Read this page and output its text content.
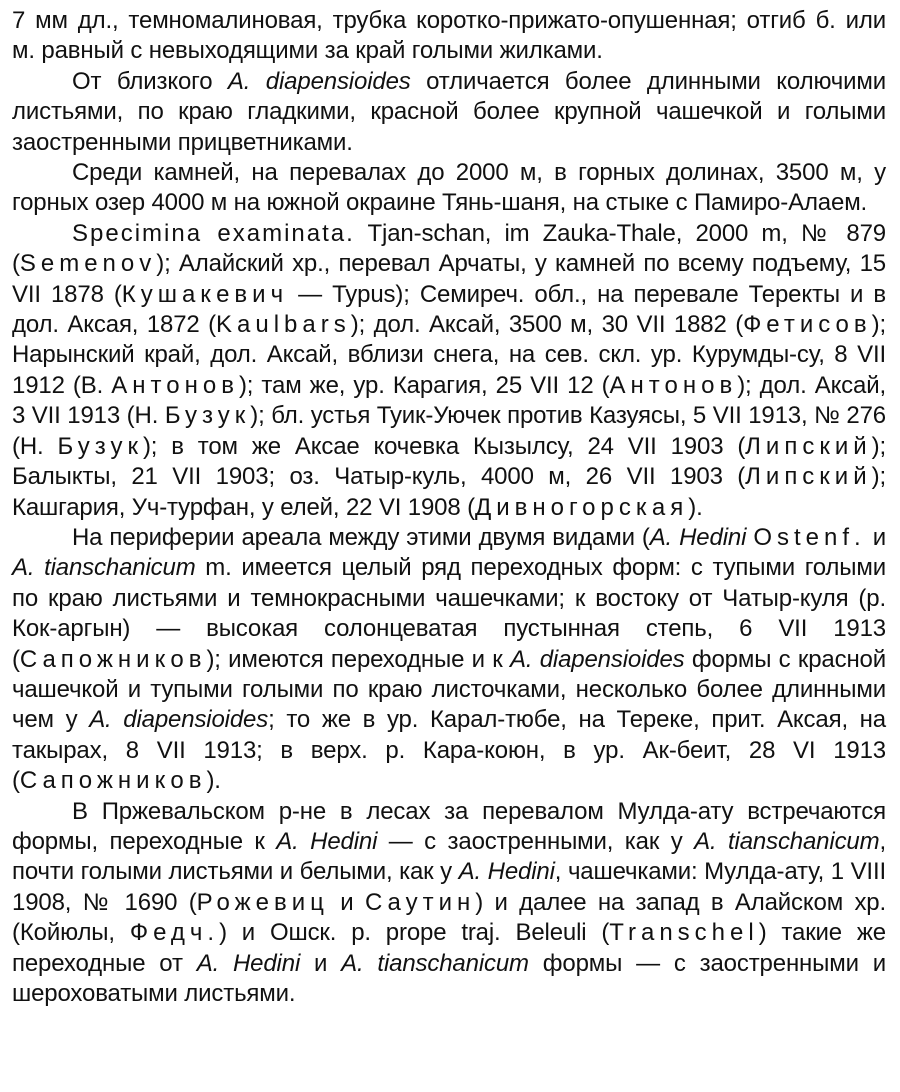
7 мм дл., темномалиновая, трубка коротко-прижато-опушенная; отгиб б. или м. равный с невыходящими за край голыми жилками.

От близкого A. diapensioides отличается более длинными колючими листьями, по краю гладкими, красной более крупной чашечкой и голыми заостренными прицветниками.

Среди камней, на перевалах до 2000 м, в горных долинах, 3500 м, у горных озер 4000 м на южной окраине Тянь-шаня, на стыке с Памиро-Алаем.

Specimina examinata. Tjan-schan, im Zauka-Thale, 2000 m, № 879 (Semenov); Алайский хр., перевал Арчаты, у камней по всему подъему, 15 VII 1878 (Кушакевич — Typus); Семиреч. обл., на перевале Теректы и в дол. Аксая, 1872 (Kaulbars); дол. Аксай, 3500 м, 30 VII 1882 (Фетисов); Нарынский край, дол. Аксай, вблизи снега, на сев. скл. ур. Курумды-су, 8 VII 1912 (В. Антонов); там же, ур. Карагия, 25 VII 12 (Антонов); дол. Аксай, 3 VII 1913 (Н. Бузук); бл. устья Туик-Уючек против Казуясы, 5 VII 1913, № 276 (Н. Бузук); в том же Аксае кочевка Кызылсу, 24 VII 1903 (Липский); Балыкты, 21 VII 1903; оз. Чатыр-куль, 4000 м, 26 VII 1903 (Липский); Кашгария, Уч-турфан, у елей, 22 VI 1908 (Дивногорская).

На периферии ареала между этими двумя видами (A. Hedini Ostenf. и A. tianschanicum m. имеется целый ряд переходных форм: с тупыми голыми по краю листьями и темнокрасными чашечками; к востоку от Чатыр-куля (р. Кок-аргын) — высокая солонцеватая пустынная степь, 6 VII 1913 (Сапожников); имеются переходные и к A. diapensioides формы с красной чашечкой и тупыми голыми по краю листочками, несколько более длинными чем у A. diapensioides; то же в ур. Карал-тюбе, на Тереке, прит. Аксая, на такырах, 8 VII 1913; в верх. р. Кара-коюн, в ур. Ак-беит, 28 VI 1913 (Сапожников).

В Пржевальском р-не в лесах за перевалом Мулда-ату встречаются формы, переходные к A. Hedini — с заостренными, как у A. tianschanicum, почти голыми листьями и белыми, как у A. Hedini, чашечками: Мулда-ату, 1 VIII 1908, № 1690 (Рожевиц и Саутин) и далее на запад в Алайском хр. (Койюлы, Федч.) и Ошск. р. prope traj. Beleuli (Transchel) такие же переходные от A. Hedini и A. tianschanicum формы — с заостренными и шероховатыми листьями.
